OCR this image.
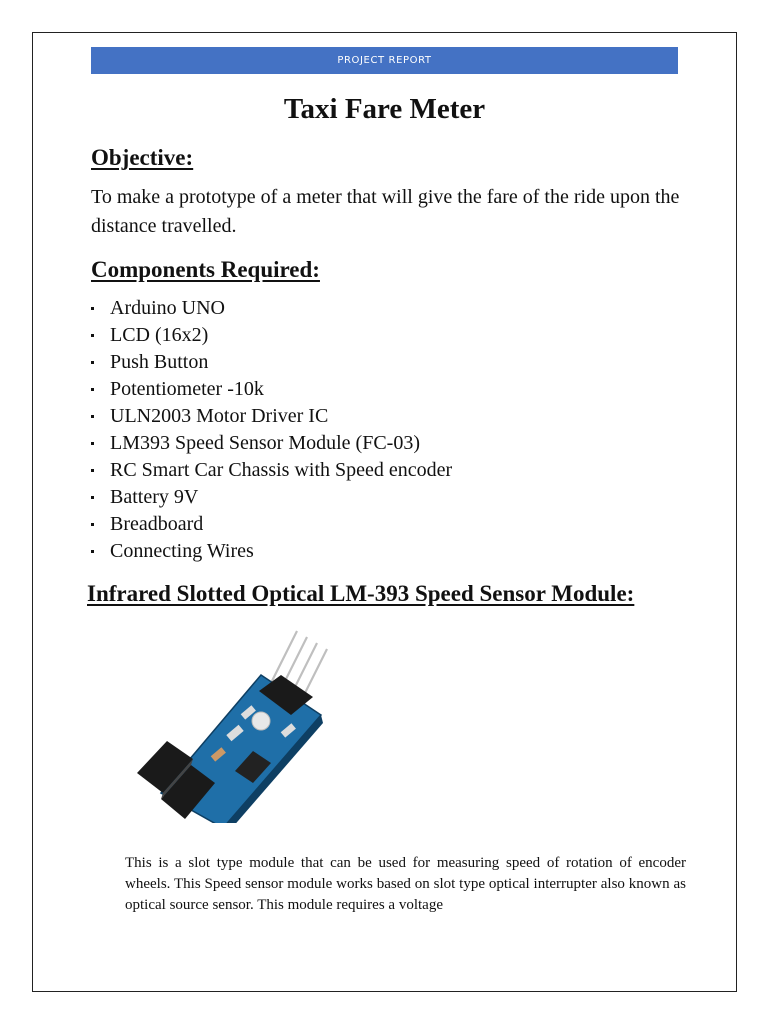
PROJECT REPORT
Taxi Fare Meter
Objective:
To make a prototype of a meter that will give the fare of the ride upon the distance travelled.
Components Required:
Arduino UNO
LCD (16x2)
Push Button
Potentiometer -10k
ULN2003 Motor Driver IC
LM393 Speed Sensor Module (FC-03)
RC Smart Car Chassis with Speed encoder
Battery 9V
Breadboard
Connecting Wires
Infrared Slotted Optical LM-393 Speed Sensor Module:
This is a slot type module that can be used for measuring speed of rotation of encoder wheels. This Speed sensor module works based on slot type optical interrupter also known as optical source sensor. This module requires a voltage
